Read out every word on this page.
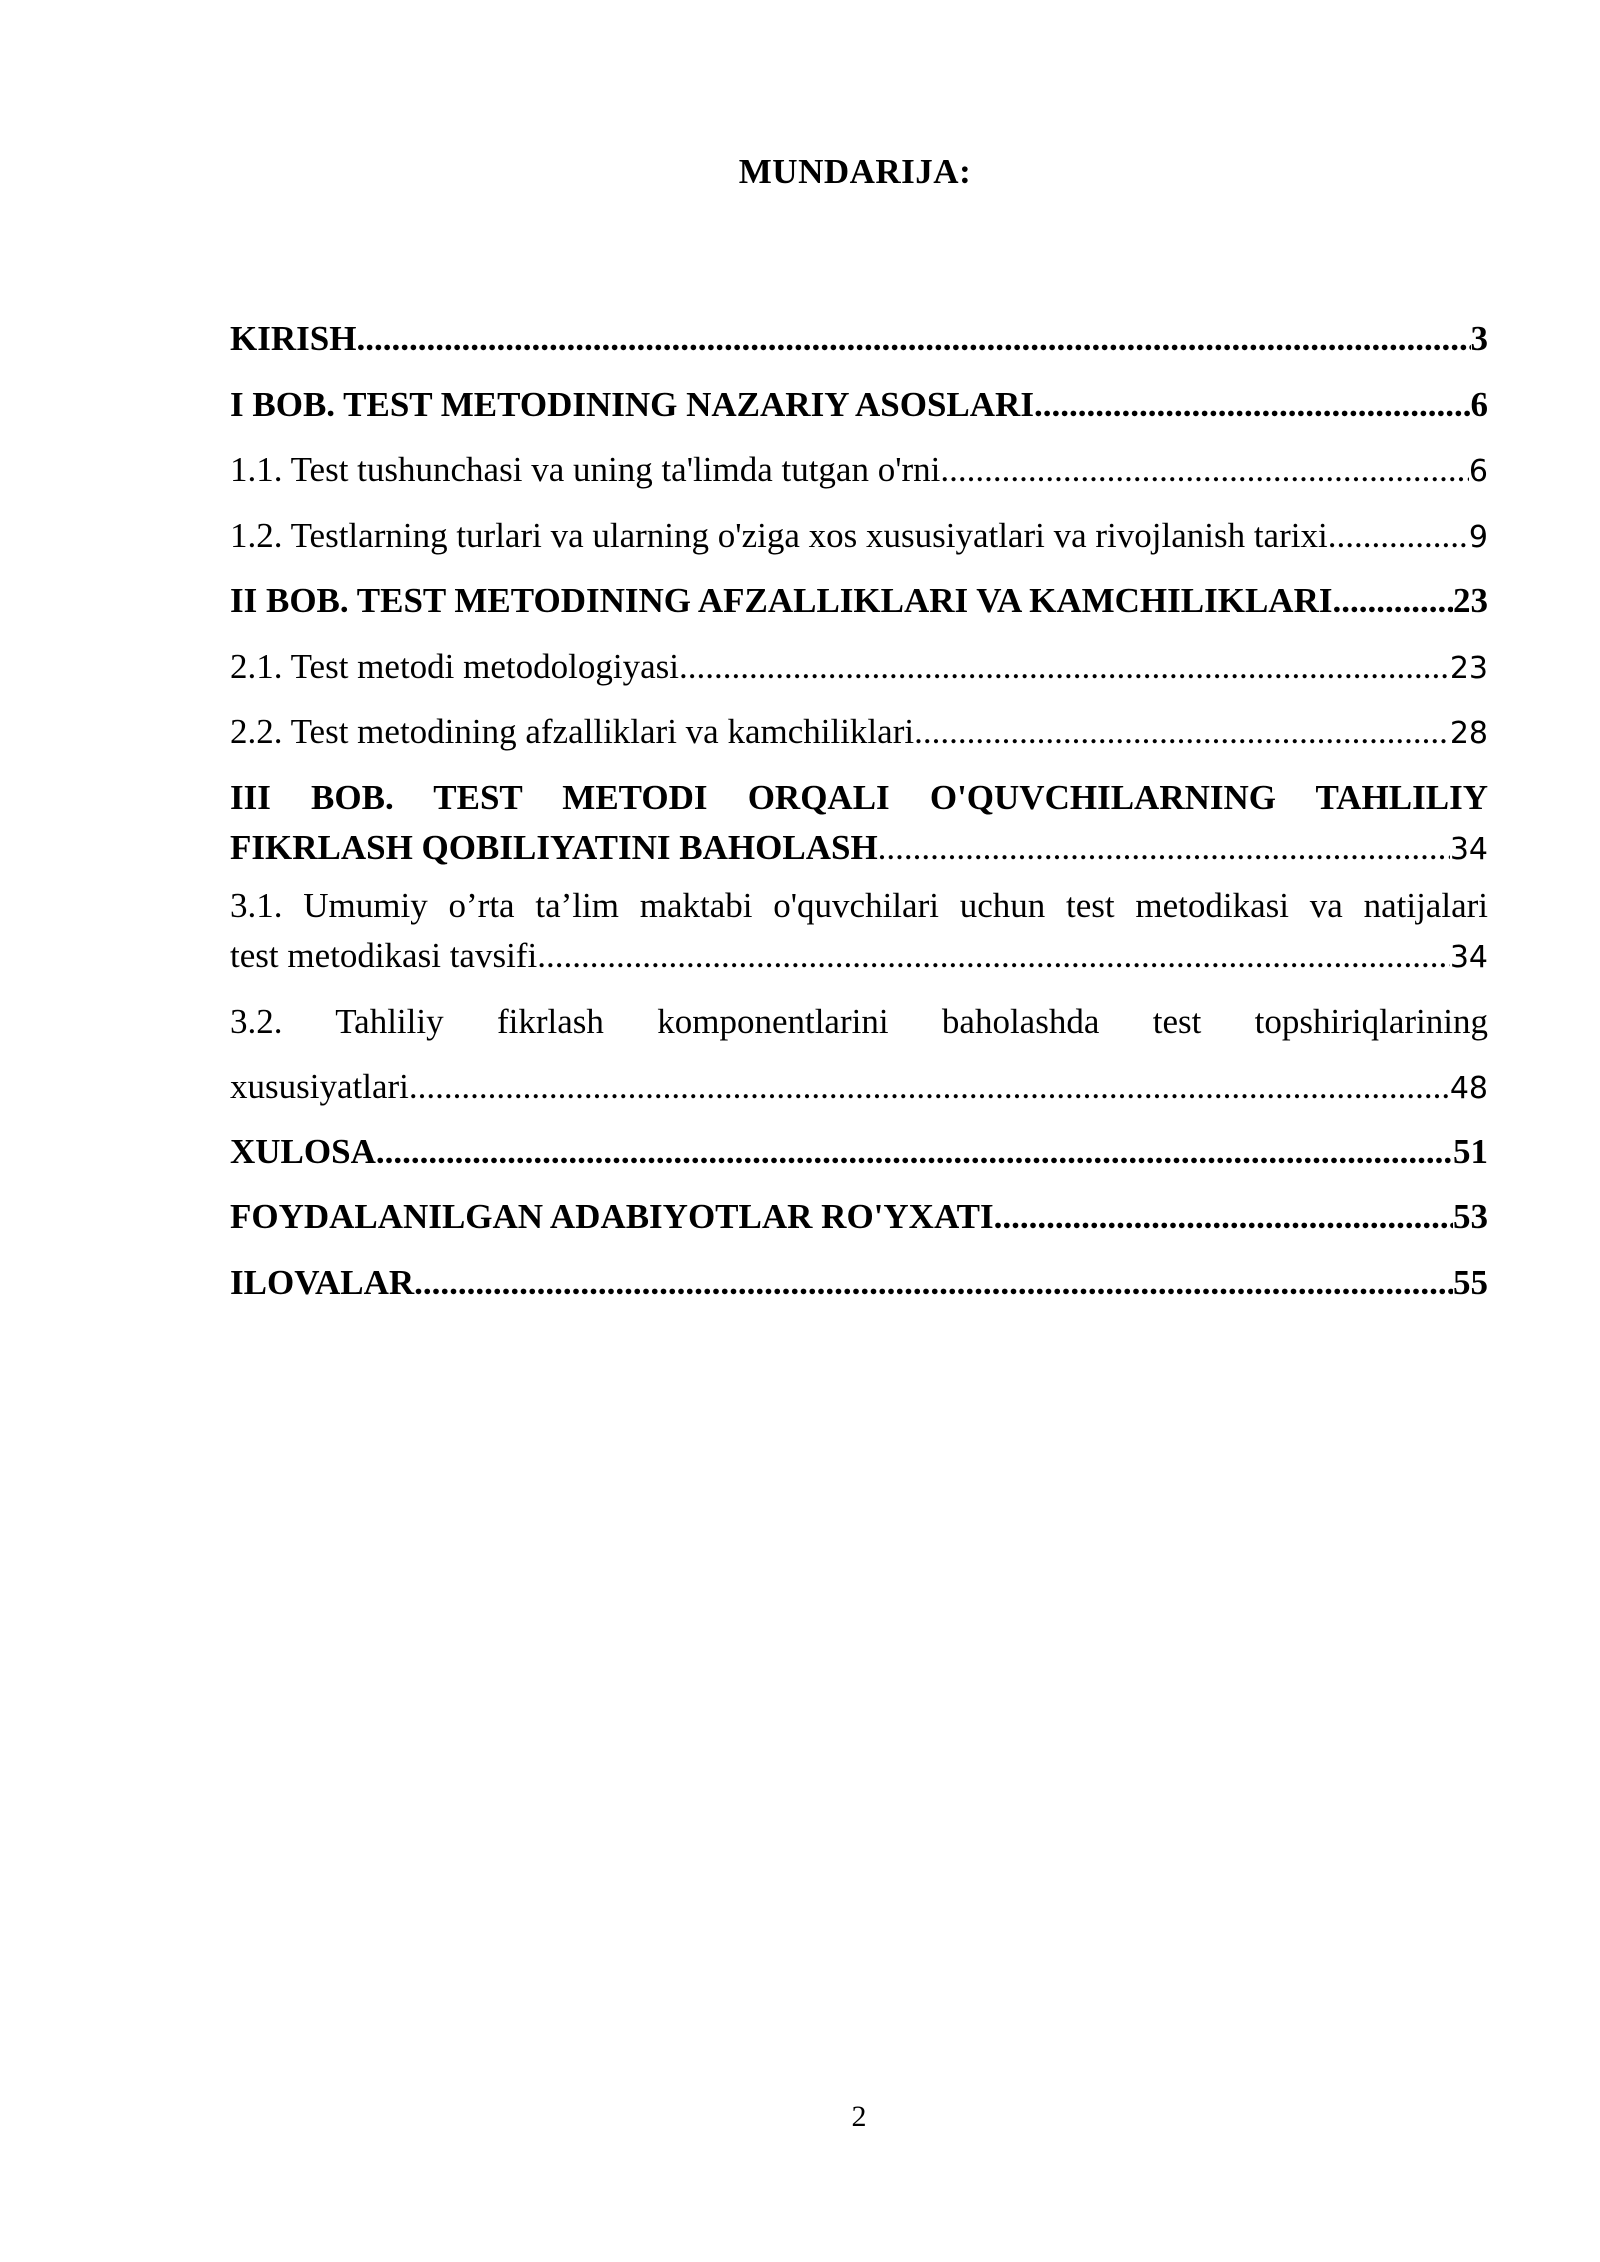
MUNDARIJA:
KIRISH .....	3
I BOB. TEST METODINING NAZARIY ASOSLARI .....	6
1.1. Test tushunchasi va uning ta'limda tutgan o'rni .....	6
1.2. Testlarning turlari va ularning o'ziga xos xususiyatlari va rivojlanish tarixi .....	9
II BOB. TEST METODINING AFZALLIKLARI VA KAMCHILIKLARI .....	23
2.1. Test metodi metodologiyasi .....	23
2.2. Test metodining afzalliklari va kamchiliklari .....	28
III BOB. TEST METODI ORQALI O'QUVCHILARNING TAHLILIY
FIKRLASH QOBILIYATINI BAHOLASH .....	34
3.1. Umumiy o’rta ta’lim maktabi o'quvchilari uchun test metodikasi va natijalari
test metodikasi tavsifi .....	34
3.2. Tahliliy fikrlash komponentlarini baholashda test topshiriqlarining
xususiyatlari .....	48
XULOSA .....	51
FOYDALANILGAN ADABIYOTLAR RO'YXATI .....	53
ILOVALAR .....	55
2
